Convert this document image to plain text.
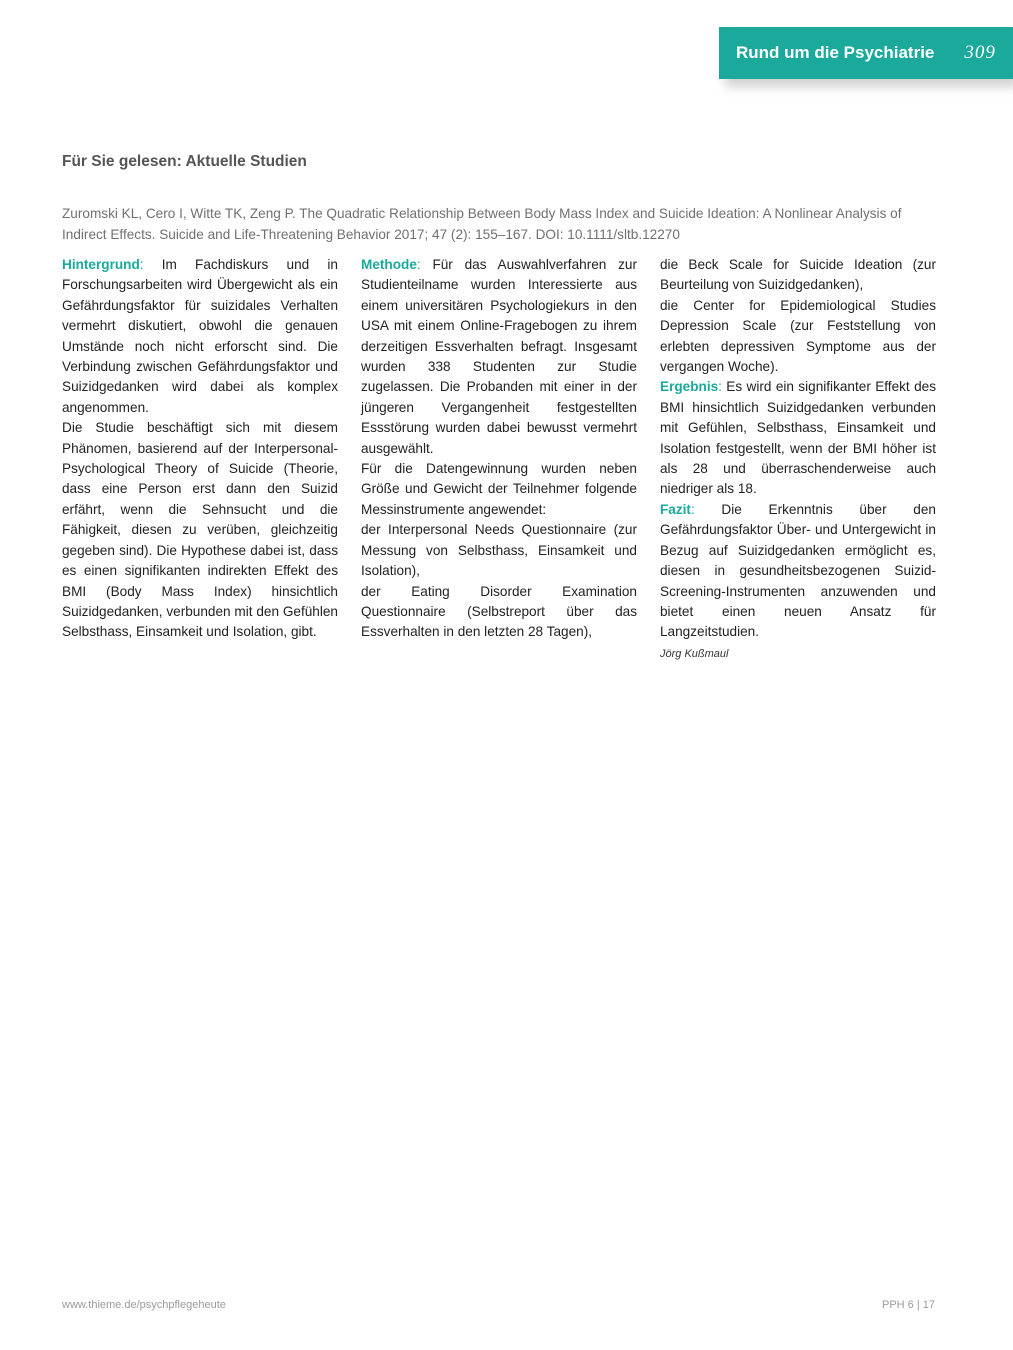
Rund um die Psychiatrie 309
Für Sie gelesen: Aktuelle Studien

Zuromski KL, Cero I, Witte TK, Zeng P. The Quadratic Relationship Between Body Mass Index and Suicide Ideation: A Nonlinear Analysis of Indirect Effects. Suicide and Life-Threatening Behavior 2017; 47 (2): 155–167. DOI: 10.1111/sltb.12270

Hintergrund: Im Fachdiskurs und in Forschungsarbeiten wird Übergewicht als ein Gefährdungsfaktor für suizidales Verhalten vermehrt diskutiert, obwohl die genauen Umstände noch nicht erforscht sind. Die Verbindung zwischen Gefährdungsfaktor und Suizidgedanken wird dabei als komplex angenommen.

Die Studie beschäftigt sich mit diesem Phänomen, basierend auf der Interpersonal-Psychological Theory of Suicide (Theorie, dass eine Person erst dann den Suizid erfährt, wenn die Sehnsucht und die Fähigkeit, diesen zu verüben, gleichzeitig gegeben sind). Die Hypothese dabei ist, dass es einen signifikanten indirekten Effekt des BMI (Body Mass Index) hinsichtlich Suizidgedanken, verbunden mit den Gefühlen Selbsthass, Einsamkeit und Isolation, gibt.

Methode: Für das Auswahlverfahren zur Studienteilname wurden Interessierte aus einem universitären Psychologiekurs in den USA mit einem Online-Fragebogen zu ihrem derzeitigen Essverhalten befragt. Insgesamt wurden 338 Studenten zur Studie zugelassen. Die Probanden mit einer in der jüngeren Vergangenheit festgestellten Essstörung wurden dabei bewusst vermehrt ausgewählt.

Für die Datengewinnung wurden neben Größe und Gewicht der Teilnehmer folgende Messinstrumente angewendet:

der Interpersonal Needs Questionnaire (zur Messung von Selbsthass, Einsamkeit und Isolation),

der Eating Disorder Examination Questionnaire (Selbstreport über das Essverhalten in den letzten 28 Tagen),

die Beck Scale for Suicide Ideation (zur Beurteilung von Suizidgedanken),

die Center for Epidemiological Studies Depression Scale (zur Feststellung von erlebten depressiven Symptome aus der vergangen Woche).

Ergebnis: Es wird ein signifikanter Effekt des BMI hinsichtlich Suizidgedanken verbunden mit Gefühlen, Selbsthass, Einsamkeit und Isolation festgestellt, wenn der BMI höher ist als 28 und überraschenderweise auch niedriger als 18.

Fazit: Die Erkenntnis über den Gefährdungsfaktor Über- und Untergewicht in Bezug auf Suizidgedanken ermöglicht es, diesen in gesundheitsbezogenen Suizid-Screening-Instrumenten anzuwenden und bietet einen neuen Ansatz für Langzeitstudien.

Jörg Kußmaul

www.thieme.de/psychpflegeheute	PPH 6 | 17
